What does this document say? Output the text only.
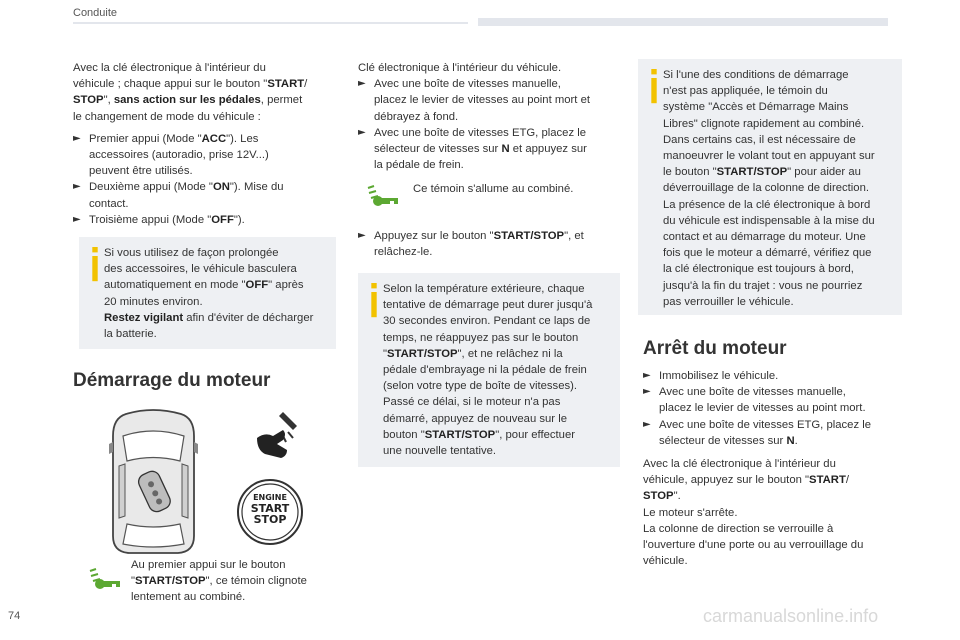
Conduite

Avec la clé électronique à l'intérieur du
véhicule ; chaque appui sur le bouton "START/
STOP", sans action sur les pédales, permet
le changement de mode du véhicule :

► Premier appui (Mode "ACC"). Les
accessoires (autoradio, prise 12V...)
peuvent être utilisés.

► Deuxième appui (Mode "ON"). Mise du
contact.

► Troisième appui (Mode "OFF").

Si vous utilisez de façon prolongée
des accessoires, le véhicule basculera
automatiquement en mode "OFF" après
20 minutes environ.
Restez vigilant afin d'éviter de décharger
la batterie.

Démarrage du moteur
ENGINE
START
STOP

Au premier appui sur le bouton
"START/STOP", ce témoin clignote
lentement au combiné.

Clé électronique à l'intérieur du véhicule.

► Avec une boîte de vitesses manuelle,
placez le levier de vitesses au point mort et
débrayez à fond.

► Avec une boîte de vitesses ETG, placez le
sélecteur de vitesses sur N et appuyez sur
la pédale de frein.

Ce témoin s'allume au combiné.

► Appuyez sur le bouton "START/STOP", et
relâchez-le.

Selon la température extérieure, chaque
tentative de démarrage peut durer jusqu'à
30 secondes environ. Pendant ce laps de
temps, ne réappuyez pas sur le bouton
"START/STOP", et ne relâchez ni la
pédale d'embrayage ni la pédale de frein
(selon votre type de boîte de vitesses).
Passé ce délai, si le moteur n'a pas
démarré, appuyez de nouveau sur le
bouton "START/STOP", pour effectuer
une nouvelle tentative.

Si l'une des conditions de démarrage
n'est pas appliquée, le témoin du
système "Accès et Démarrage Mains
Libres" clignote rapidement au combiné.
Dans certains cas, il est nécessaire de
manoeuvrer le volant tout en appuyant sur
le bouton "START/STOP" pour aider au
déverrouillage de la colonne de direction.
La présence de la clé électronique à bord
du véhicule est indispensable à la mise du
contact et au démarrage du moteur. Une
fois que le moteur a démarré, vérifiez que
la clé électronique est toujours à bord,
jusqu'à la fin du trajet : vous ne pourriez
pas verrouiller le véhicule.

Arrêt du moteur

► Immobilisez le véhicule.

► Avec une boîte de vitesses manuelle,
placez le levier de vitesses au point mort.

► Avec une boîte de vitesses ETG, placez le
sélecteur de vitesses sur N.

Avec la clé électronique à l'intérieur du
véhicule, appuyez sur le bouton "START/
STOP".
Le moteur s'arrête.
La colonne de direction se verrouille à
l'ouverture d'une porte ou au verrouillage du
véhicule.

74	carmanualsonline.info
